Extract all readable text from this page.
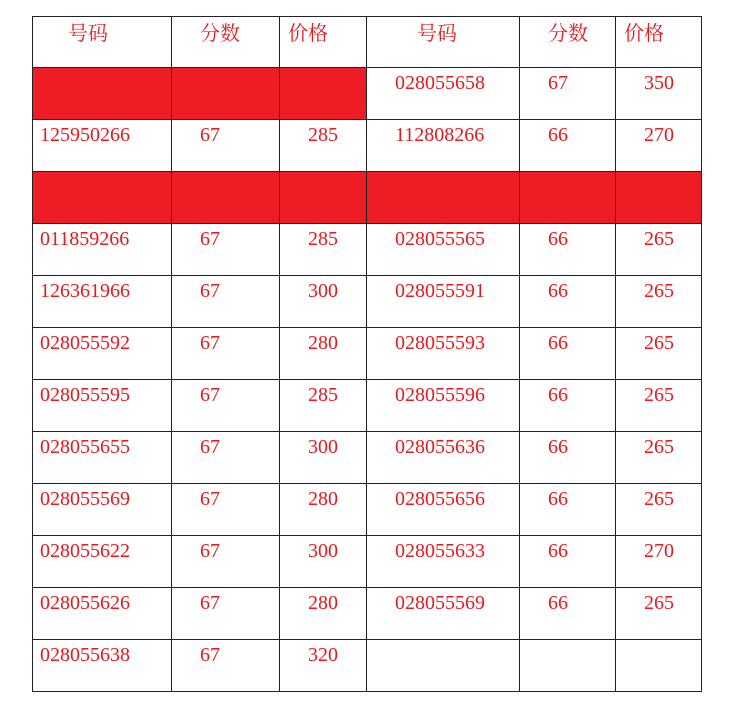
号码	分数	价格	号码	分数	价格
			028055658	67	350
125950266	67	285	112808266	66	270

011859266	67	285	028055565	66	265
126361966	67	300	028055591	66	265
028055592	67	280	028055593	66	265
028055595	67	285	028055596	66	265
028055655	67	300	028055636	66	265
028055569	67	280	028055656	66	265
028055622	67	300	028055633	66	270
028055626	67	280	028055569	66	265
028055638	67	320			
